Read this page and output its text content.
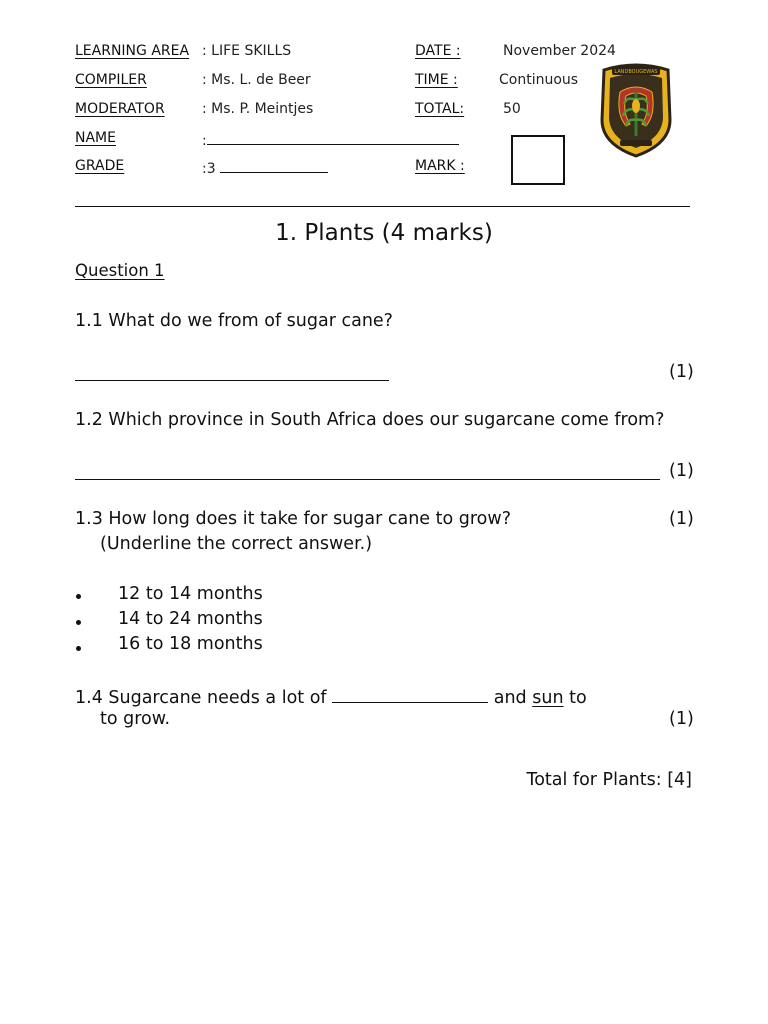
LEARNING AREA : LIFE SKILLS
COMPILER	: Ms. L. de Beer
MODERATOR	: Ms. P. Meintjes
NAME	:
GRADE	:3
DATE :	November 2024
TIME :	Continuous
TOTAL:	50
MARK :
LANDBOUGEWAS
1. Plants (4 marks)
Question 1
1.1 What do we from of sugar cane?
(1)
1.2 Which province in South Africa does our sugarcane come from?
(1)
1.3 How long does it take for sugar cane to grow?	(1)
(Underline the correct answer.)
12 to 14 months
14 to 24 months
16 to 18 months
1.4 Sugarcane needs a lot of	and sun to
to grow.	(1)
Total for Plants: [4]
